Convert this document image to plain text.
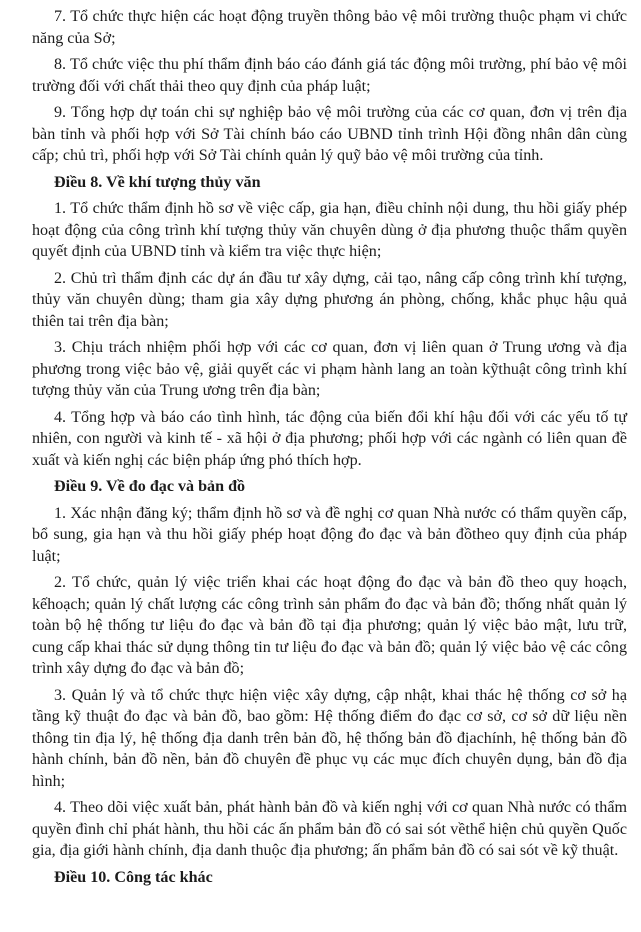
7. Tổ chức thực hiện các hoạt động truyền thông bảo vệ môi trường thuộc phạm vi chức năng của Sở;

8. Tổ chức việc thu phí thẩm định báo cáo đánh giá tác động môi trường, phí bảo vệ môi trường đối với chất thải theo quy định của pháp luật;

9. Tổng hợp dự toán chi sự nghiệp bảo vệ môi trường của các cơ quan, đơn vị trên địa bàn tỉnh và phối hợp với Sở Tài chính báo cáo UBND tỉnh trình Hội đồng nhân dân cùng cấp; chủ trì, phối hợp với Sở Tài chính quản lý quỹ bảo vệ môi trường của tỉnh.

Điều 8. Về khí tượng thủy văn

1. Tổ chức thẩm định hồ sơ về việc cấp, gia hạn, điều chỉnh nội dung, thu hồi giấy phép hoạt động của công trình khí tượng thủy văn chuyên dùng ở địa phương thuộc thẩm quyền quyết định của UBND tỉnh và kiểm tra việc thực hiện;

2. Chủ trì thẩm định các dự án đầu tư xây dựng, cải tạo, nâng cấp công trình khí tượng, thủy văn chuyên dùng; tham gia xây dựng phương án phòng, chống, khắc phục hậu quả thiên tai trên địa bàn;

3. Chịu trách nhiệm phối hợp với các cơ quan, đơn vị liên quan ở Trung ương và địa phương trong việc bảo vệ, giải quyết các vi phạm hành lang an toàn kỹthuật công trình khí tượng thủy văn của Trung ương trên địa bàn;

4. Tổng hợp và báo cáo tình hình, tác động của biến đổi khí hậu đối với các yếu tố tự nhiên, con người và kinh tế - xã hội ở địa phương; phối hợp với các ngành có liên quan đề xuất và kiến nghị các biện pháp ứng phó thích hợp.

Điều 9. Về đo đạc và bản đồ

1. Xác nhận đăng ký; thẩm định hồ sơ và đề nghị cơ quan Nhà nước có thẩm quyền cấp, bổ sung, gia hạn và thu hồi giấy phép hoạt động đo đạc và bản đồtheo quy định của pháp luật;

2. Tổ chức, quản lý việc triển khai các hoạt động đo đạc và bản đồ theo quy hoạch, kếhoạch; quản lý chất lượng các công trình sản phẩm đo đạc và bản đồ; thống nhất quản lý toàn bộ hệ thống tư liệu đo đạc và bản đồ tại địa phương; quản lý việc bảo mật, lưu trữ, cung cấp khai thác sử dụng thông tin tư liệu đo đạc và bản đồ; quản lý việc bảo vệ các công trình xây dựng đo đạc và bản đồ;

3. Quản lý và tổ chức thực hiện việc xây dựng, cập nhật, khai thác hệ thống cơ sở hạ tầng kỹ thuật đo đạc và bản đồ, bao gồm: Hệ thống điểm đo đạc cơ sở, cơ sở dữ liệu nền thông tin địa lý, hệ thống địa danh trên bản đồ, hệ thống bản đồ địachính, hệ thống bản đồ hành chính, bản đồ nền, bản đồ chuyên đề phục vụ các mục đích chuyên dụng, bản đồ địa hình;

4. Theo dõi việc xuất bản, phát hành bản đồ và kiến nghị với cơ quan Nhà nước có thẩm quyền đình chỉ phát hành, thu hồi các ấn phẩm bản đồ có sai sót vềthể hiện chủ quyền Quốc gia, địa giới hành chính, địa danh thuộc địa phương; ấn phẩm bản đồ có sai sót về kỹ thuật.

Điều 10. Công tác khác
